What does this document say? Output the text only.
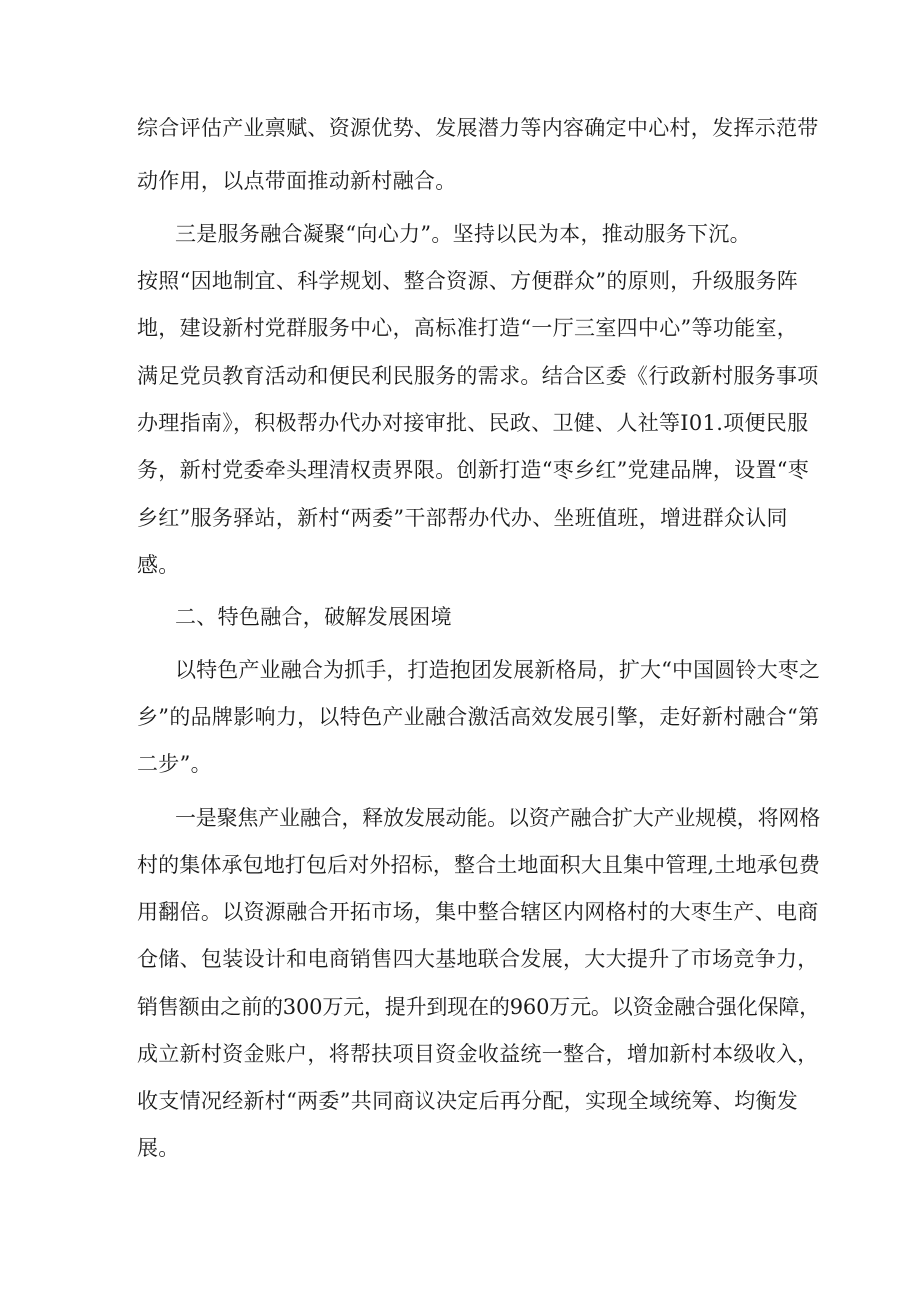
综合评估产业禀赋、资源优势、发展潜力等内容确定中心村，发挥示范带
动作用，以点带面推动新村融合。
三是服务融合凝聚“向心力”。坚持以民为本，推动服务下沉。
按照“因地制宜、科学规划、整合资源、方便群众”的原则，升级服务阵
地，建设新村党群服务中心，高标准打造“一厅三室四中心”等功能室，
满足党员教育活动和便民利民服务的需求。结合区委《行政新村服务事项
办理指南》，积极帮办代办对接审批、民政、卫健、人社等I01.项便民服
务，新村党委牵头理清权责界限。创新打造“枣乡红”党建品牌，设置“枣
乡红”服务驿站，新村“两委”干部帮办代办、坐班值班，增进群众认同
感。
二、特色融合，破解发展困境
以特色产业融合为抓手，打造抱团发展新格局，扩大“中国圆铃大枣之
乡”的品牌影响力，以特色产业融合激活高效发展引擎，走好新村融合“第
二步”。
一是聚焦产业融合，释放发展动能。以资产融合扩大产业规模，将网格
村的集体承包地打包后对外招标，整合土地面积大且集中管理,土地承包费
用翻倍。以资源融合开拓市场，集中整合辖区内网格村的大枣生产、电商
仓储、包装设计和电商销售四大基地联合发展，大大提升了市场竞争力，
销售额由之前的300万元，提升到现在的960万元。以资金融合强化保障，
成立新村资金账户，将帮扶项目资金收益统一整合，增加新村本级收入，
收支情况经新村“两委”共同商议决定后再分配，实现全域统筹、均衡发
展。
